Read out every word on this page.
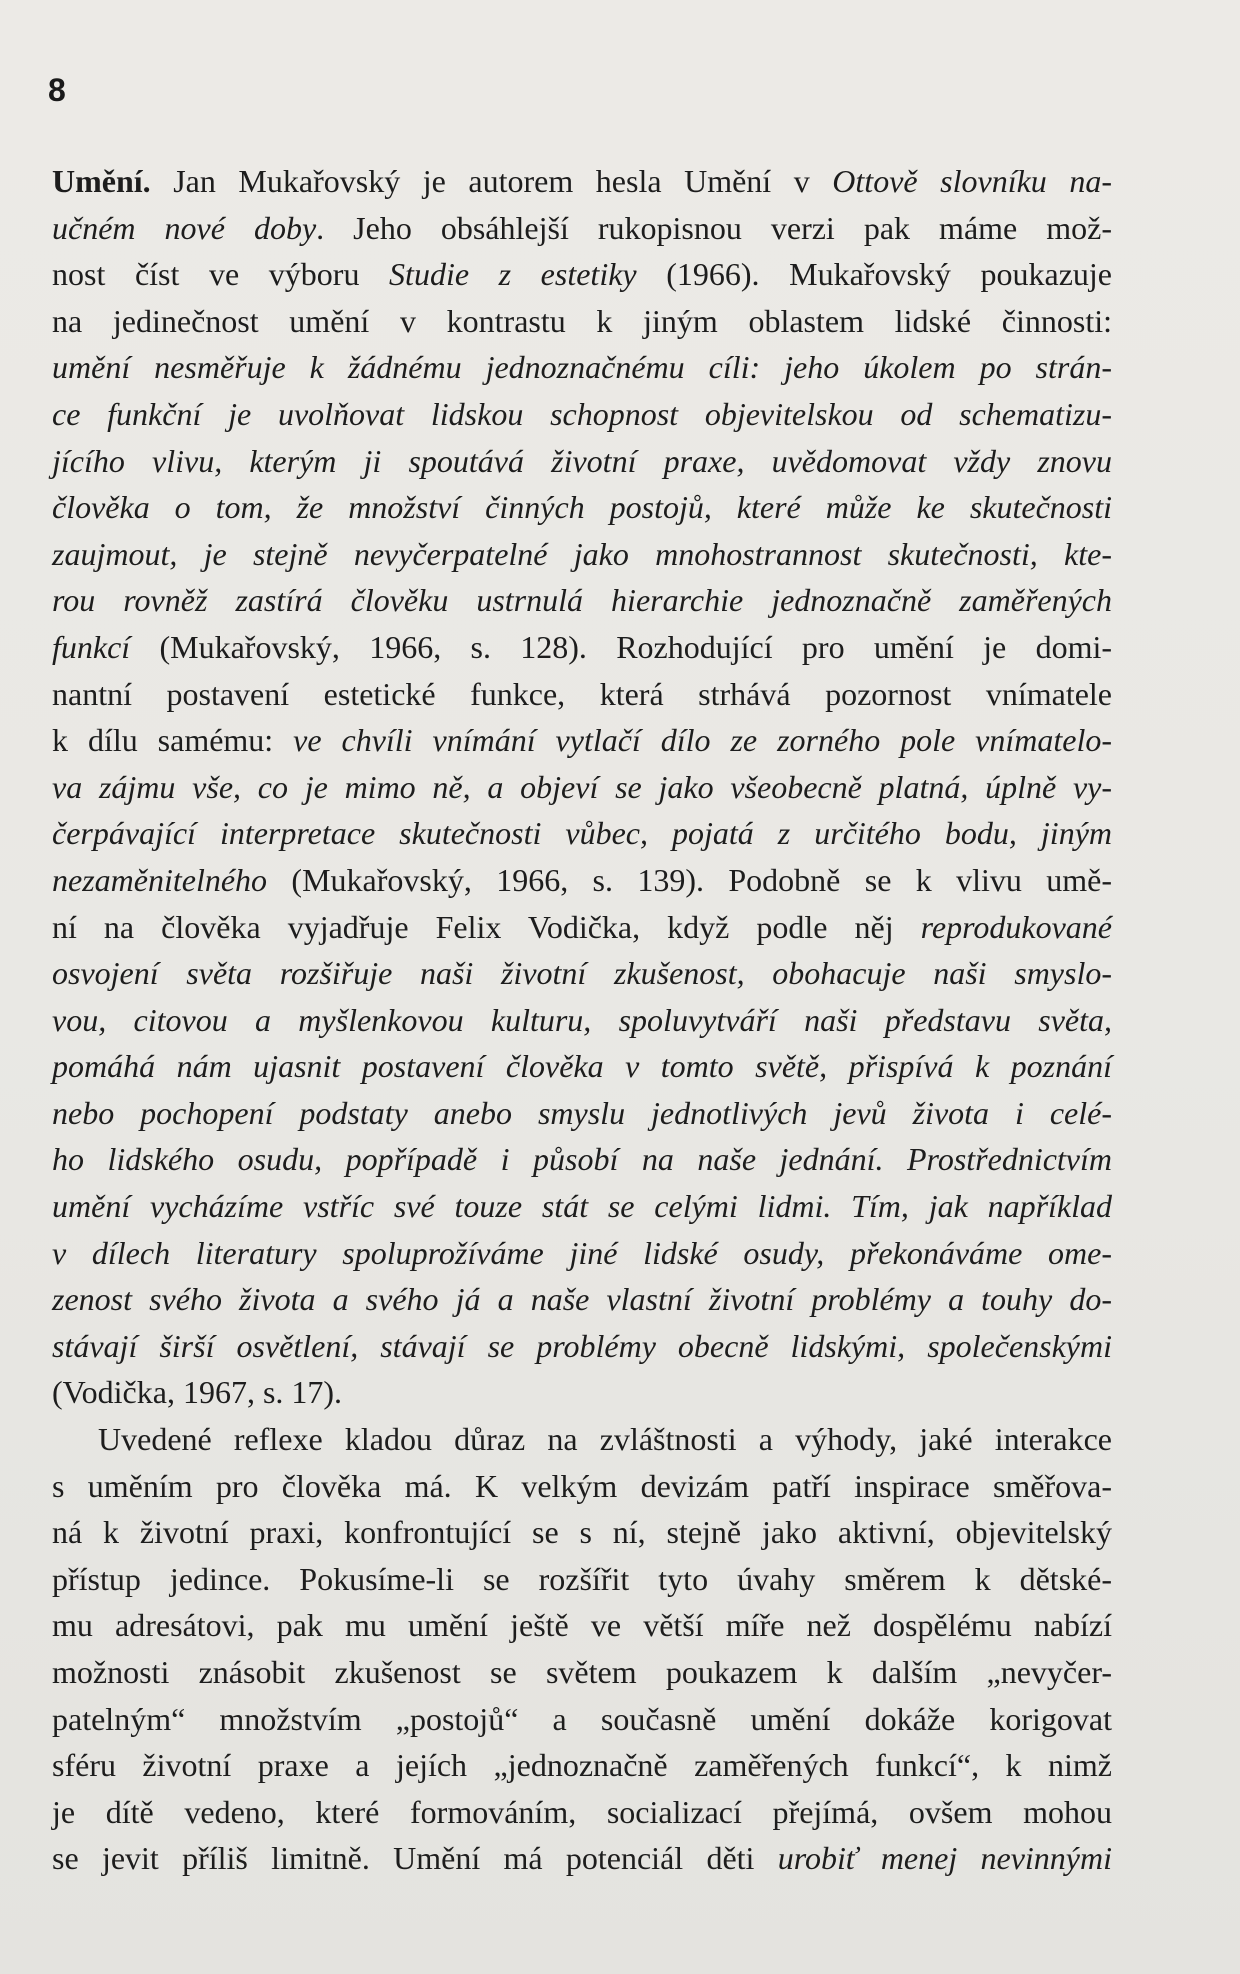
8
Umění. Jan Mukařovský je autorem hesla Umění v Ottově slovníku na-
učném nové doby. Jeho obsáhlejší rukopisnou verzi pak máme mož-
nost číst ve výboru Studie z estetiky (1966). Mukařovský poukazuje
na jedinečnost umění v kontrastu k jiným oblastem lidské činnosti:
umění nesměřuje k žádnému jednoznačnému cíli: jeho úkolem po strán-
ce funkční je uvolňovat lidskou schopnost objevitelskou od schematizu-
jícího vlivu, kterým ji spoutává životní praxe, uvědomovat vždy znovu
člověka o tom, že množství činných postojů, které může ke skutečnosti
zaujmout, je stejně nevyčerpatelné jako mnohostrannost skutečnosti, kte-
rou rovněž zastírá člověku ustrnulá hierarchie jednoznačně zaměřených
funkcí (Mukařovský, 1966, s. 128). Rozhodující pro umění je domi-
nantní postavení estetické funkce, která strhává pozornost vnímatele
k dílu samému: ve chvíli vnímání vytlačí dílo ze zorného pole vnímatelo-
va zájmu vše, co je mimo ně, a objeví se jako všeobecně platná, úplně vy-
čerpávající interpretace skutečnosti vůbec, pojatá z určitého bodu, jiným
nezaměnitelného (Mukařovský, 1966, s. 139). Podobně se k vlivu umě-
ní na člověka vyjadřuje Felix Vodička, když podle něj reprodukované
osvojení světa rozšiřuje naši životní zkušenost, obohacuje naši smyslo-
vou, citovou a myšlenkovou kulturu, spoluvytváří naši představu světa,
pomáhá nám ujasnit postavení člověka v tomto světě, přispívá k poznání
nebo pochopení podstaty anebo smyslu jednotlivých jevů života i celé-
ho lidského osudu, popřípadě i působí na naše jednání. Prostřednictvím
umění vycházíme vstříc své touze stát se celými lidmi. Tím, jak například
v dílech literatury spoluprožíváme jiné lidské osudy, překonáváme ome-
zenost svého života a svého já a naše vlastní životní problémy a touhy do-
stávají širší osvětlení, stávají se problémy obecně lidskými, společenskými
(Vodička, 1967, s. 17).
Uvedené reflexe kladou důraz na zvláštnosti a výhody, jaké interakce
s uměním pro člověka má. K velkým devizám patří inspirace směřova-
ná k životní praxi, konfrontující se s ní, stejně jako aktivní, objevitelský
přístup jedince. Pokusíme-li se rozšířit tyto úvahy směrem k dětské-
mu adresátovi, pak mu umění ještě ve větší míře než dospělému nabízí
možnosti znásobit zkušenost se světem poukazem k dalším „nevyčer-
patelným“ množstvím „postojů“ a současně umění dokáže korigovat
sféru životní praxe a jejích „jednoznačně zaměřených funkcí“, k nimž
je dítě vedeno, které formováním, socializací přejímá, ovšem mohou
se jevit příliš limitně. Umění má potenciál děti urobiť menej nevinnými
